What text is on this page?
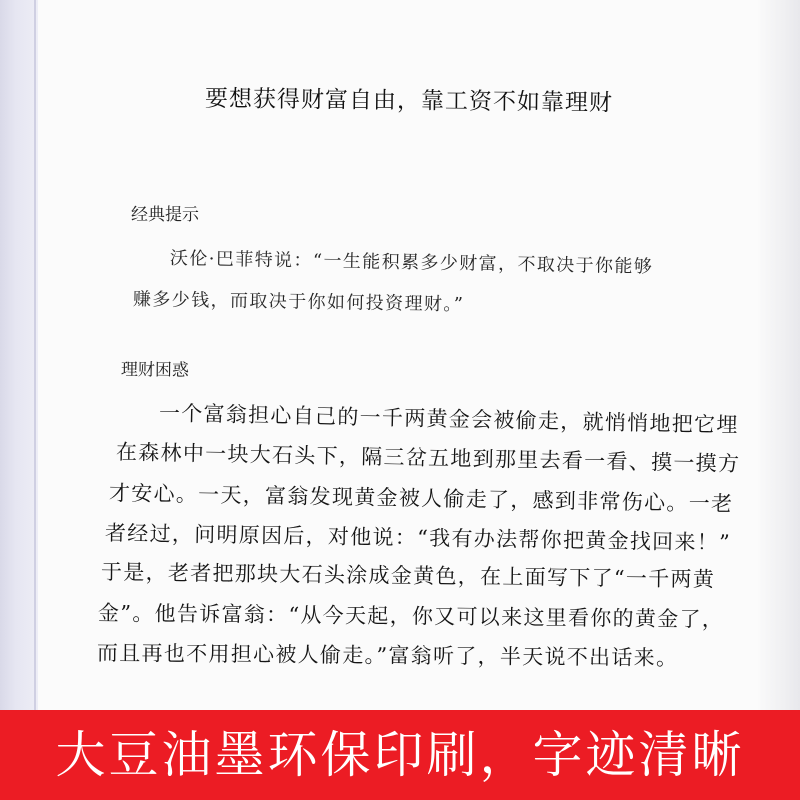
要想获得财富自由，靠工资不如靠理财
经典提示
沃伦·巴菲特说：“一生能积累多少财富，不取决于你能够
赚多少钱，而取决于你如何投资理财。”
理财困惑
一个富翁担心自己的一千两黄金会被偷走，就悄悄地把它埋
在森林中一块大石头下，隔三岔五地到那里去看一看、摸一摸方
才安心。一天，富翁发现黄金被人偷走了，感到非常伤心。一老
者经过，问明原因后，对他说：“我有办法帮你把黄金找回来！”
于是，老者把那块大石头涂成金黄色，在上面写下了“一千两黄
金”。他告诉富翁：“从今天起，你又可以来这里看你的黄金了，
而且再也不用担心被人偷走。”富翁听了，半天说不出话来。
大豆油墨环保印刷，字迹清晰
